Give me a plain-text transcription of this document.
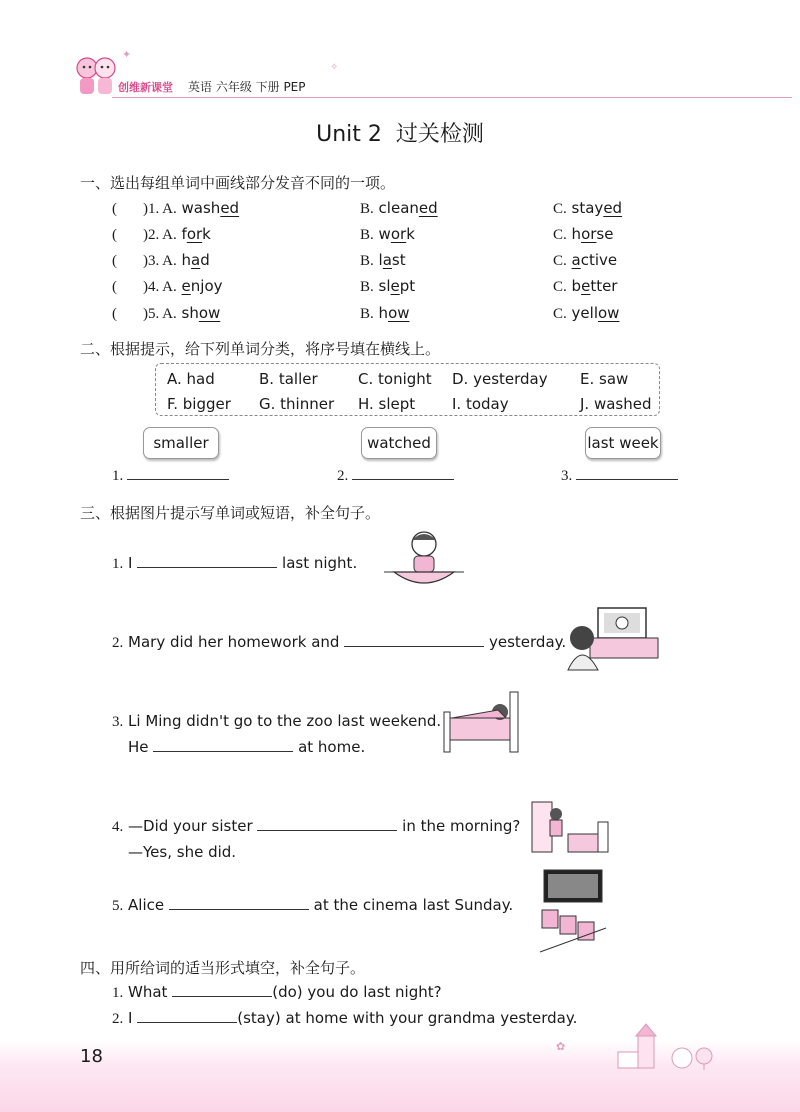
✦
✧
创维新课堂 英语 六年级 下册 PEP
Unit 2  过关检测
一、选出每组单词中画线部分发音不同的一项。
( )1. A. washed	B. cleaned	C. stayed
( )2. A. fork	B. work	C. horse
( )3. A. had	B. last	C. active
( )4. A. enjoy	B. slept	C. better
( )5. A. show	B. how	C. yellow
二、根据提示，给下列单词分类，将序号填在横线上。
A. had	B. taller	C. tonight D. yesterday E. saw
F. bigger G. thinner H. slept I. today	J. washed
smaller	watched	last week
1.	2.	3.
三、根据图片提示写单词或短语，补全句子。
1. I	last night.
2. Mary did her homework and	yesterday.
3. Li Ming didn't go to the zoo last weekend.
He	at home.
4. —Did your sister	in the morning?
—Yes, she did.
5. Alice	at the cinema last Sunday.
四、用所给词的适当形式填空，补全句子。
1. What	(do) you do last night?
2. I	(stay) at home with your grandma yesterday.
✿
18
